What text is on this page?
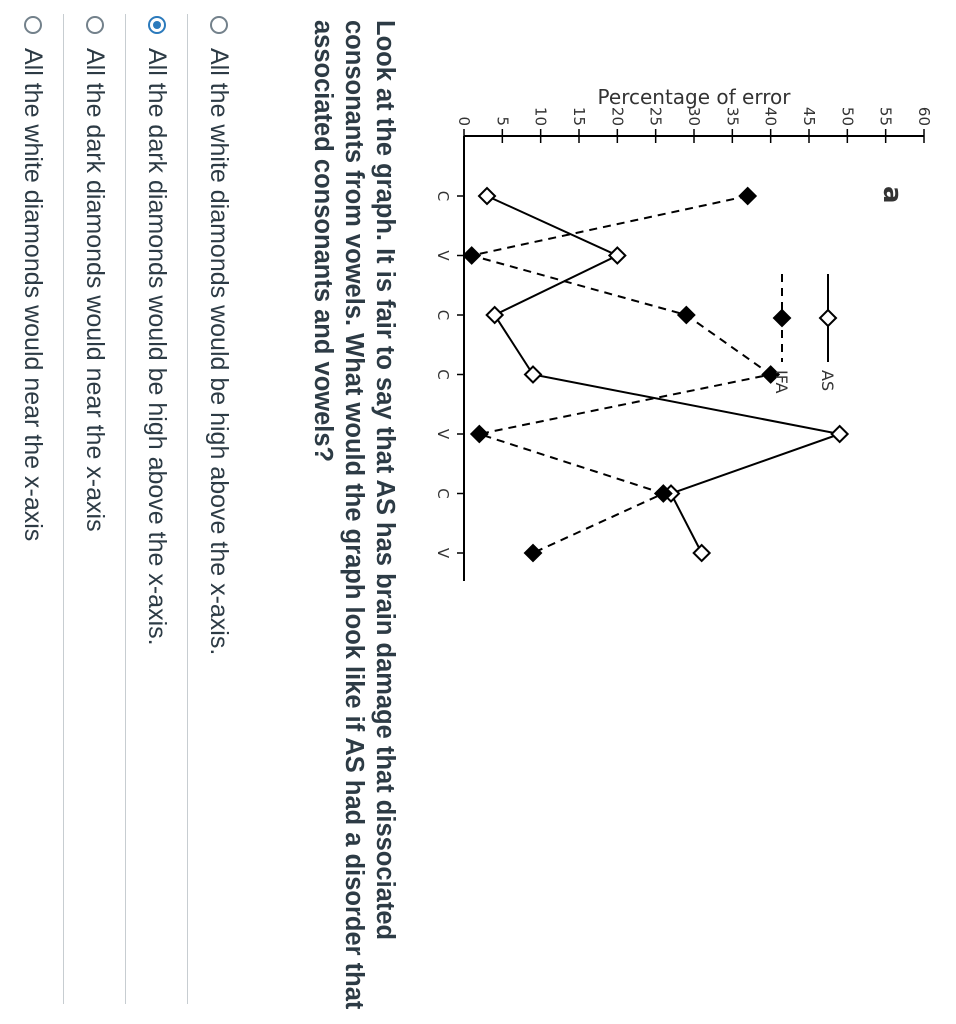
a
Percentage of error
0 5 10 15 20 25 30 35 40 45 50 55 60
C
V
C
C
V
C
V
AS
IFA

Look at the graph. It is fair to say that AS has brain damage that dissociated consonants from vowels. What would the graph look like if AS had a disorder that associated consonants and vowels?

All the white diamonds would be high above the x-axis.
All the dark diamonds would be high above the x-axis.
All the dark diamonds would near the x-axis
All the white diamonds would near the x-axis
